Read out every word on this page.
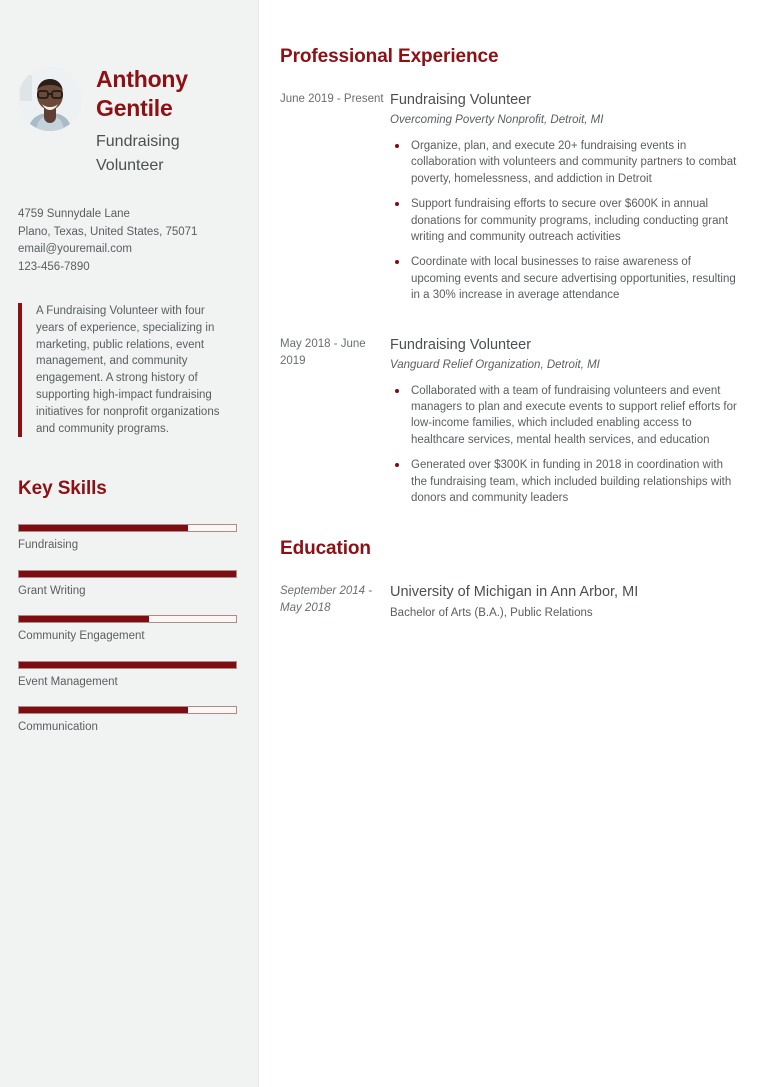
Anthony Gentile
Fundraising Volunteer
4759 Sunnydale Lane
Plano, Texas, United States, 75071
email@youremail.com
123-456-7890
A Fundraising Volunteer with four years of experience, specializing in marketing, public relations, event management, and community engagement. A strong history of supporting high-impact fundraising initiatives for nonprofit organizations and community programs.
Key Skills
Fundraising
Grant Writing
Community Engagement
Event Management
Communication
Professional Experience
June 2019 - Present Fundraising Volunteer
Overcoming Poverty Nonprofit, Detroit, MI
Organize, plan, and execute 20+ fundraising events in collaboration with volunteers and community partners to combat poverty, homelessness, and addiction in Detroit
Support fundraising efforts to secure over $600K in annual donations for community programs, including conducting grant writing and community outreach activities
Coordinate with local businesses to raise awareness of upcoming events and secure advertising opportunities, resulting in a 30% increase in average attendance
May 2018 - June 2019
Fundraising Volunteer
Vanguard Relief Organization, Detroit, MI
Collaborated with a team of fundraising volunteers and event managers to plan and execute events to support relief efforts for low-income families, which included enabling access to healthcare services, mental health services, and education
Generated over $300K in funding in 2018 in coordination with the fundraising team, which included building relationships with donors and community leaders
Education
September 2014 - May 2018
University of Michigan in Ann Arbor, MI
Bachelor of Arts (B.A.), Public Relations
